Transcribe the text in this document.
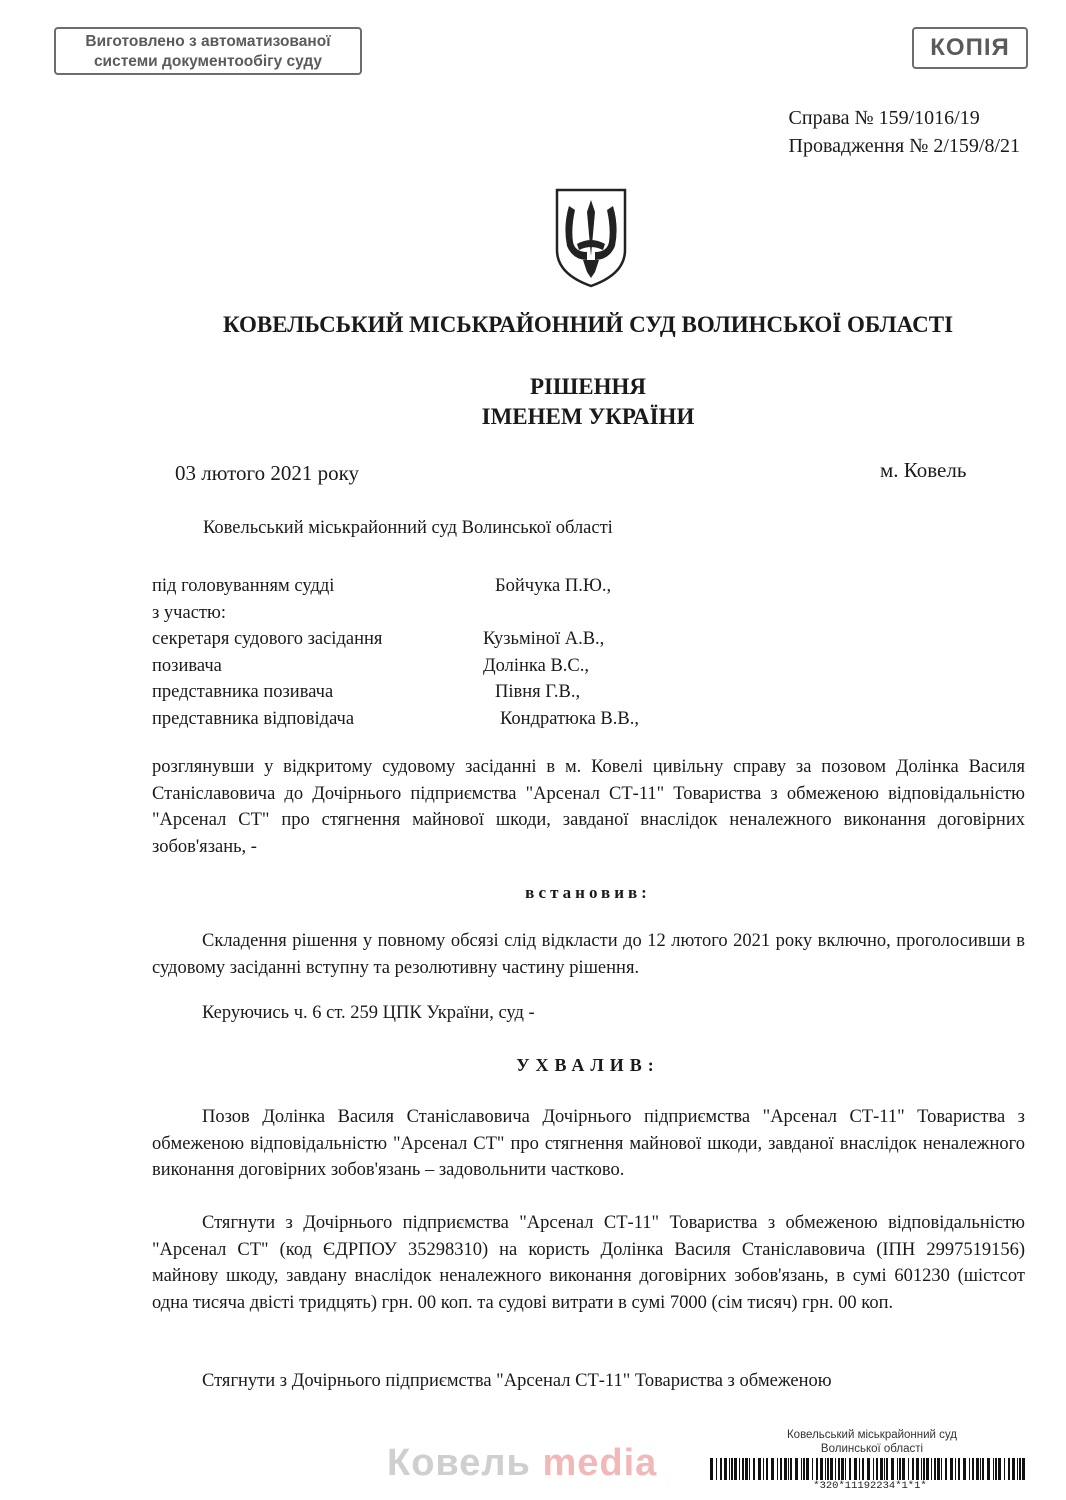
Виготовлено з автоматизованої
системи документообігу суду
КОПІЯ
Справа № 159/1016/19
Провадження № 2/159/8/21
КОВЕЛЬСЬКИЙ МІСЬКРАЙОННИЙ СУД ВОЛИНСЬКОЇ ОБЛАСТІ
РІШЕННЯ
ІМЕНЕМ УКРАЇНИ
03 лютого 2021 року	м. Ковель
Ковельський міськрайонний суд Волинської області
під головуванням судді	Бойчука П.Ю.,
з участю:
секретаря судового засідання	Кузьміної А.В.,
позивача	Долінка В.С.,
представника позивача	Півня Г.В.,
представника відповідача	Кондратюка В.В.,
розглянувши у відкритому судовому засіданні в м. Ковелі цивільну справу за позовом Долінка Василя Станіславовича до Дочірнього підприємства "Арсенал СТ-11" Товариства з обмеженою відповідальністю "Арсенал СТ" про стягнення майнової шкоди, завданої внаслідок неналежного виконання договірних зобов'язань, -
встановив:
Складення рішення у повному обсязі слід відкласти до 12 лютого 2021 року включно, проголосивши в судовому засіданні вступну та резолютивну частину рішення.
Керуючись ч. 6 ст. 259 ЦПК України, суд -
УХВАЛИВ:
Позов Долінка Василя Станіславовича Дочірнього підприємства "Арсенал СТ-11" Товариства з обмеженою відповідальністю "Арсенал СТ" про стягнення майнової шкоди, завданої внаслідок неналежного виконання договірних зобов'язань – задовольнити частково.
Стягнути з Дочірнього підприємства "Арсенал СТ-11" Товариства з обмеженою відповідальністю "Арсенал СТ" (код ЄДРПОУ 35298310) на користь Долінка Василя Станіславовича (ІПН 2997519156) майнову шкоду, завдану внаслідок неналежного виконання договірних зобов'язань, в сумі 601230 (шістсот одна тисяча двісті тридцять) грн. 00 коп. та судові витрати в сумі 7000 (сім тисяч) грн. 00 коп.
Стягнути з Дочірнього підприємства "Арсенал СТ-11" Товариства з обмеженою
Ковель media
Ковельський міськрайонний суд
Волинської області
*320*11192234*1*1*
